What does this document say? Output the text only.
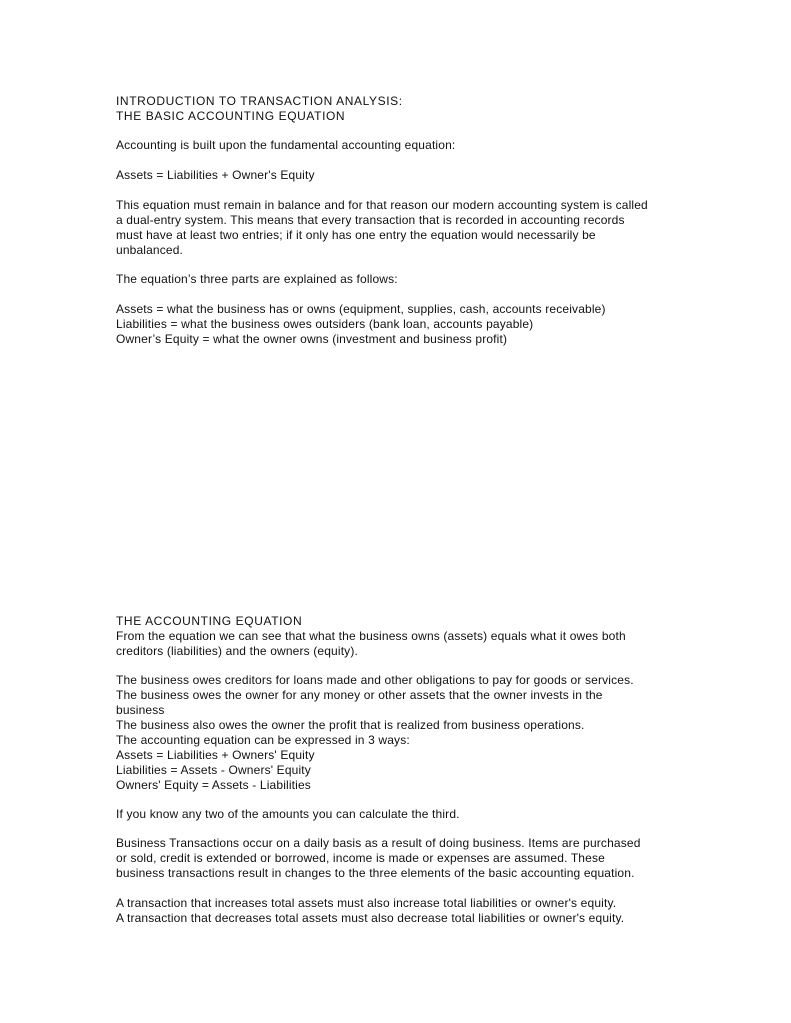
INTRODUCTION TO TRANSACTION ANALYSIS:
THE BASIC ACCOUNTING EQUATION
Accounting is built upon the fundamental accounting equation:
Assets = Liabilities + Owner's Equity
This equation must remain in balance and for that reason our modern accounting system is called
a dual-entry system. This means that every transaction that is recorded in accounting records
must have at least two entries; if it only has one entry the equation would necessarily be
unbalanced.
The equation’s three parts are explained as follows:
Assets = what the business has or owns (equipment, supplies, cash, accounts receivable)
Liabilities = what the business owes outsiders (bank loan, accounts payable)
Owner’s Equity = what the owner owns (investment and business profit)
THE ACCOUNTING EQUATION
From the equation we can see that what the business owns (assets) equals what it owes both
creditors (liabilities) and the owners (equity).
The business owes creditors for loans made and other obligations to pay for goods or services.
The business owes the owner for any money or other assets that the owner invests in the
business
The business also owes the owner the profit that is realized from business operations.
The accounting equation can be expressed in 3 ways:
Assets = Liabilities + Owners' Equity
Liabilities = Assets - Owners' Equity
Owners' Equity = Assets - Liabilities
If you know any two of the amounts you can calculate the third.
Business Transactions occur on a daily basis as a result of doing business. Items are purchased
or sold, credit is extended or borrowed, income is made or expenses are assumed. These
business transactions result in changes to the three elements of the basic accounting equation.
A transaction that increases total assets must also increase total liabilities or owner's equity.
A transaction that decreases total assets must also decrease total liabilities or owner's equity.
